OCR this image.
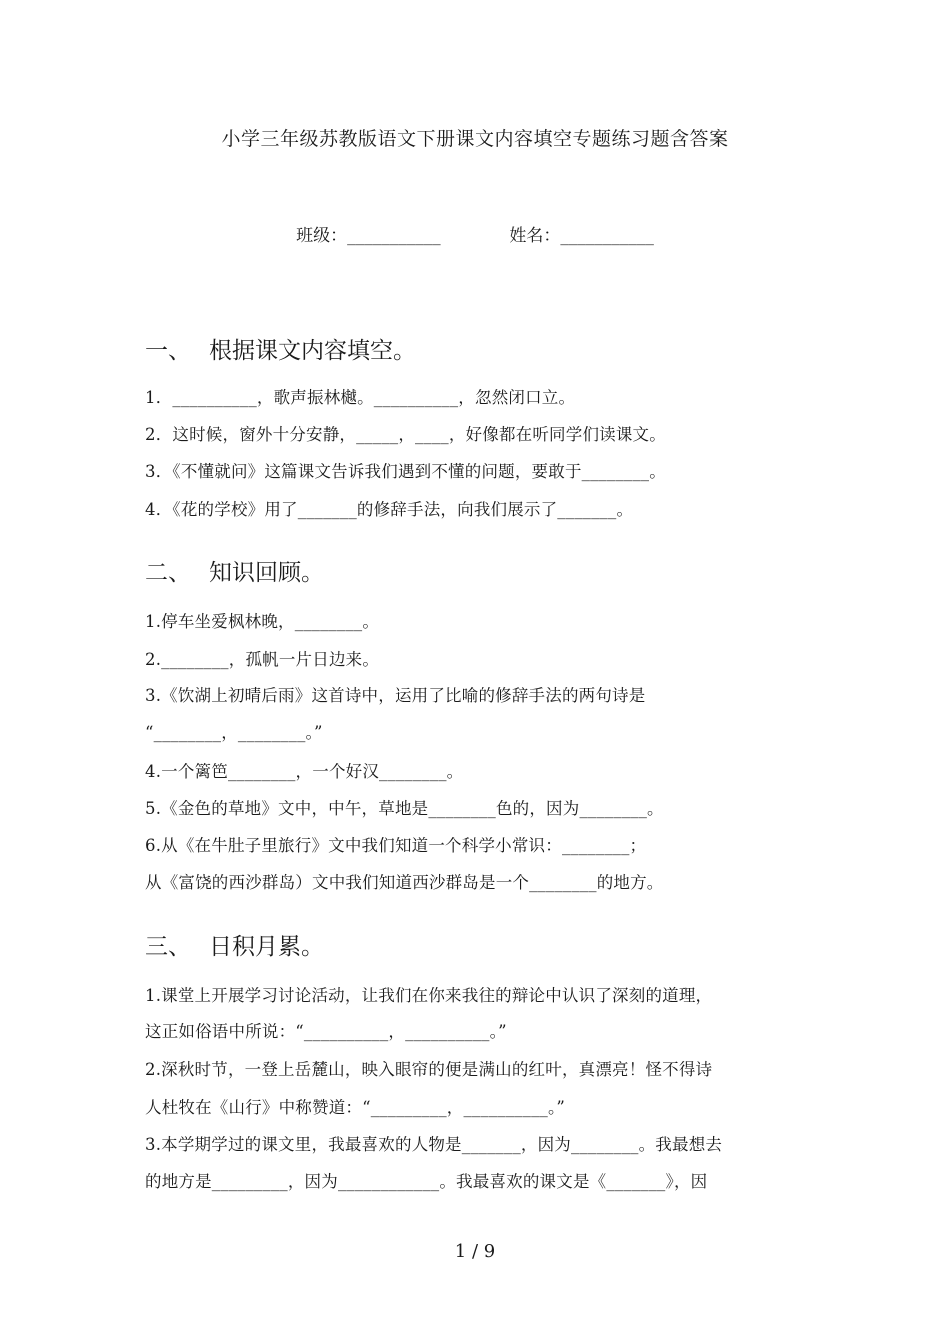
小学三年级苏教版语文下册课文内容填空专题练习题含答案
班级：___________	姓名：___________
一、 根据课文内容填空。
1．__________，歌声振林樾。__________，忽然闭口立。
2．这时候，窗外十分安静，_____，____，好像都在听同学们读课文。
3．《不懂就问》这篇课文告诉我们遇到不懂的问题，要敢于________。
4．《花的学校》用了_______的修辞手法，向我们展示了_______。
二、 知识回顾。
1.停车坐爱枫林晚，________。
2.________，孤帆一片日边来。
3.《饮湖上初晴后雨》这首诗中，运用了比喻的修辞手法的两句诗是
“________，________。”
4.一个篱笆________，一个好汉________。
5.《金色的草地》文中，中午，草地是________色的，因为________。
6.从《在牛肚子里旅行》文中我们知道一个科学小常识：________；
从《富饶的西沙群岛）文中我们知道西沙群岛是一个________的地方。
三、 日积月累。
1.课堂上开展学习讨论活动，让我们在你来我往的辩论中认识了深刻的道理，
这正如俗语中所说：“__________，__________。”
2.深秋时节，一登上岳麓山，映入眼帘的便是满山的红叶，真漂亮！怪不得诗
人杜牧在《山行》中称赞道：“_________，__________。”
3.本学期学过的课文里，我最喜欢的人物是_______，因为________。我最想去
的地方是_________，因为____________。我最喜欢的课文是《_______》，因
1 / 9
